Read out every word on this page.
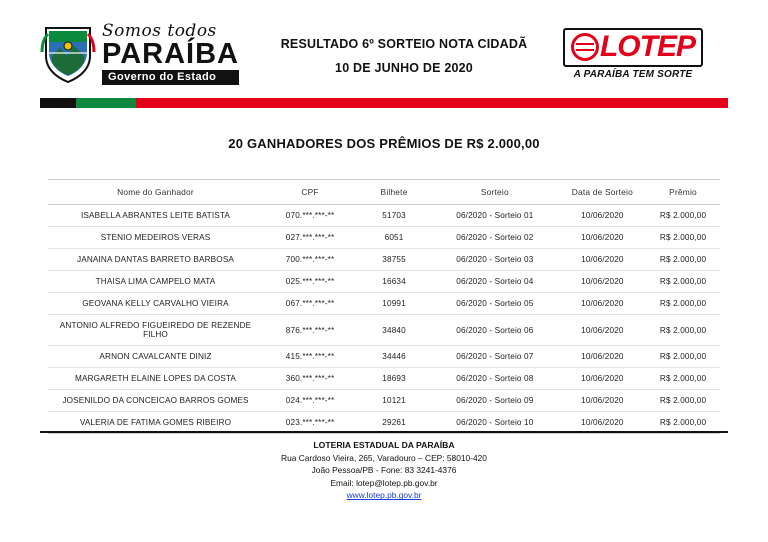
Somos todos
PARAÍBA
Governo do Estado
RESULTADO 6º SORTEIO NOTA CIDADÃ
10 DE JUNHO DE 2020
LOTEP
A PARAÍBA TEM SORTE
20 GANHADORES DOS PRÊMIOS DE R$ 2.000,00
Nome do Ganhador	CPF	Bilhete	Sorteio	Data de Sorteio	Prêmio
ISABELLA ABRANTES LEITE BATISTA	070.***.***-**	51703	06/2020 - Sorteio 01	10/06/2020	R$ 2.000,00
STENIO MEDEIROS VERAS	027.***.***-**	6051	06/2020 - Sorteio 02	10/06/2020	R$ 2.000,00
JANAINA DANTAS BARRETO BARBOSA	700.***.***-**	38755	06/2020 - Sorteio 03	10/06/2020	R$ 2.000,00
THAISA LIMA CAMPELO MATA	025.***.***-**	16634	06/2020 - Sorteio 04	10/06/2020	R$ 2.000,00
GEOVANA KELLY CARVALHO VIEIRA	067.***.***-**	10991	06/2020 - Sorteio 05	10/06/2020	R$ 2.000,00
ANTONIO ALFREDO FIGUEIREDO DE REZENDE FILHO	876.***.***-**	34840	06/2020 - Sorteio 06	10/06/2020	R$ 2.000,00
ARNON CAVALCANTE DINIZ	415.***.***-**	34446	06/2020 - Sorteio 07	10/06/2020	R$ 2.000,00
MARGARETH ELAINE LOPES DA COSTA	360.***.***-**	18693	06/2020 - Sorteio 08	10/06/2020	R$ 2.000,00
JOSENILDO DA CONCEICAO BARROS GOMES	024.***.***-**	10121	06/2020 - Sorteio 09	10/06/2020	R$ 2.000,00
VALERIA DE FATIMA GOMES RIBEIRO	023.***.***-**	29261	06/2020 - Sorteio 10	10/06/2020	R$ 2.000,00
LOTERIA ESTADUAL DA PARAÍBA
Rua Cardoso Vieira, 265, Varadouro – CEP: 58010-420
João Pessoa/PB - Fone: 83 3241-4376
Email: lotep@lotep.pb.gov.br
www.lotep.pb.gov.br
